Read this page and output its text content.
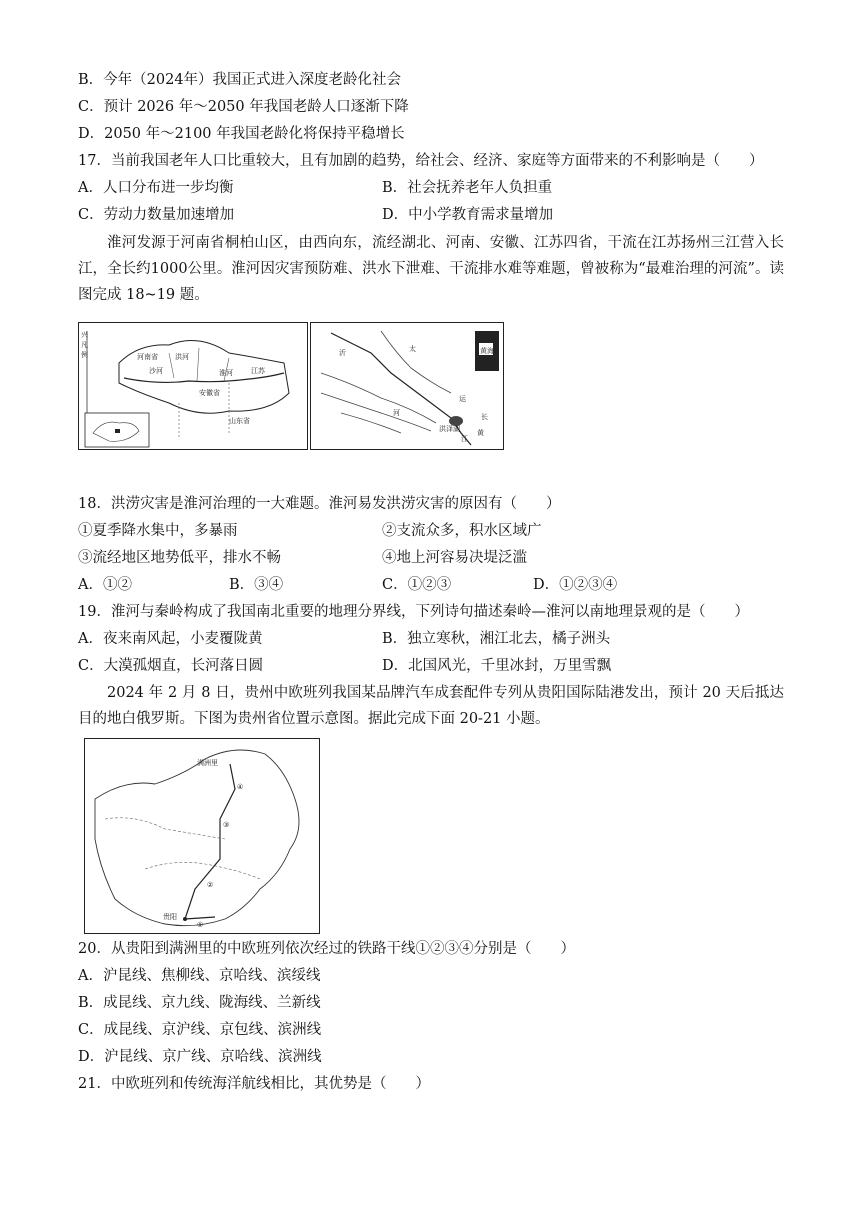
B．今年（2024年）我国正式进入深度老龄化社会
C．预计 2026 年～2050 年我国老龄人口逐渐下降
D．2050 年～2100 年我国老龄化将保持平稳增长
17．当前我国老年人口比重较大，且有加剧的趋势，给社会、经济、家庭等方面带来的不利影响是（　　）
A．人口分布进一步均衡	B．社会抚养老年人负担重
C．劳动力数量加速增加	D．中小学教育需求量增加
淮河发源于河南省桐柏山区，由西向东，流经湖北、河南、安徽、江苏四省，干流在江苏扬州三江营入长江，全长约1000公里。淮河因灾害预防难、洪水下泄难、干流排水难等难题，曾被称为“最难治理的河流”。读图完成 18~19 题。
兴
凡
例	河南省
沙河
洪河
江苏
淮河
安徽省
山东省
黄海
沂	太
运
河
洪泽湖
长
江
黄
18．洪涝灾害是淮河治理的一大难题。淮河易发洪涝灾害的原因有（　　）
①夏季降水集中，多暴雨	②支流众多，积水区域广
③流经地区地势低平，排水不畅	④地上河容易决堤泛滥
A．①②	B．③④	C．①②③	D．①②③④
19．淮河与秦岭构成了我国南北重要的地理分界线，下列诗句描述秦岭—淮河以南地理景观的是（　　）
A．夜来南风起，小麦覆陇黄	B．独立寒秋，湘江北去，橘子洲头
C．大漠孤烟直，长河落日圆	D．北国风光，千里冰封，万里雪飘
2024 年 2 月 8 日，贵州中欧班列我国某品牌汽车成套配件专列从贵阳国际陆港发出，预计 20 天后抵达目的地白俄罗斯。下图为贵州省位置示意图。据此完成下面 20-21 小题。
满洲里
贵阳
①
②
③
④
20．从贵阳到满洲里的中欧班列依次经过的铁路干线①②③④分别是（　　）
A．沪昆线、焦柳线、京哈线、滨绥线
B．成昆线、京九线、陇海线、兰新线
C．成昆线、京沪线、京包线、滨洲线
D．沪昆线、京广线、京哈线、滨洲线
21．中欧班列和传统海洋航线相比，其优势是（　　）
